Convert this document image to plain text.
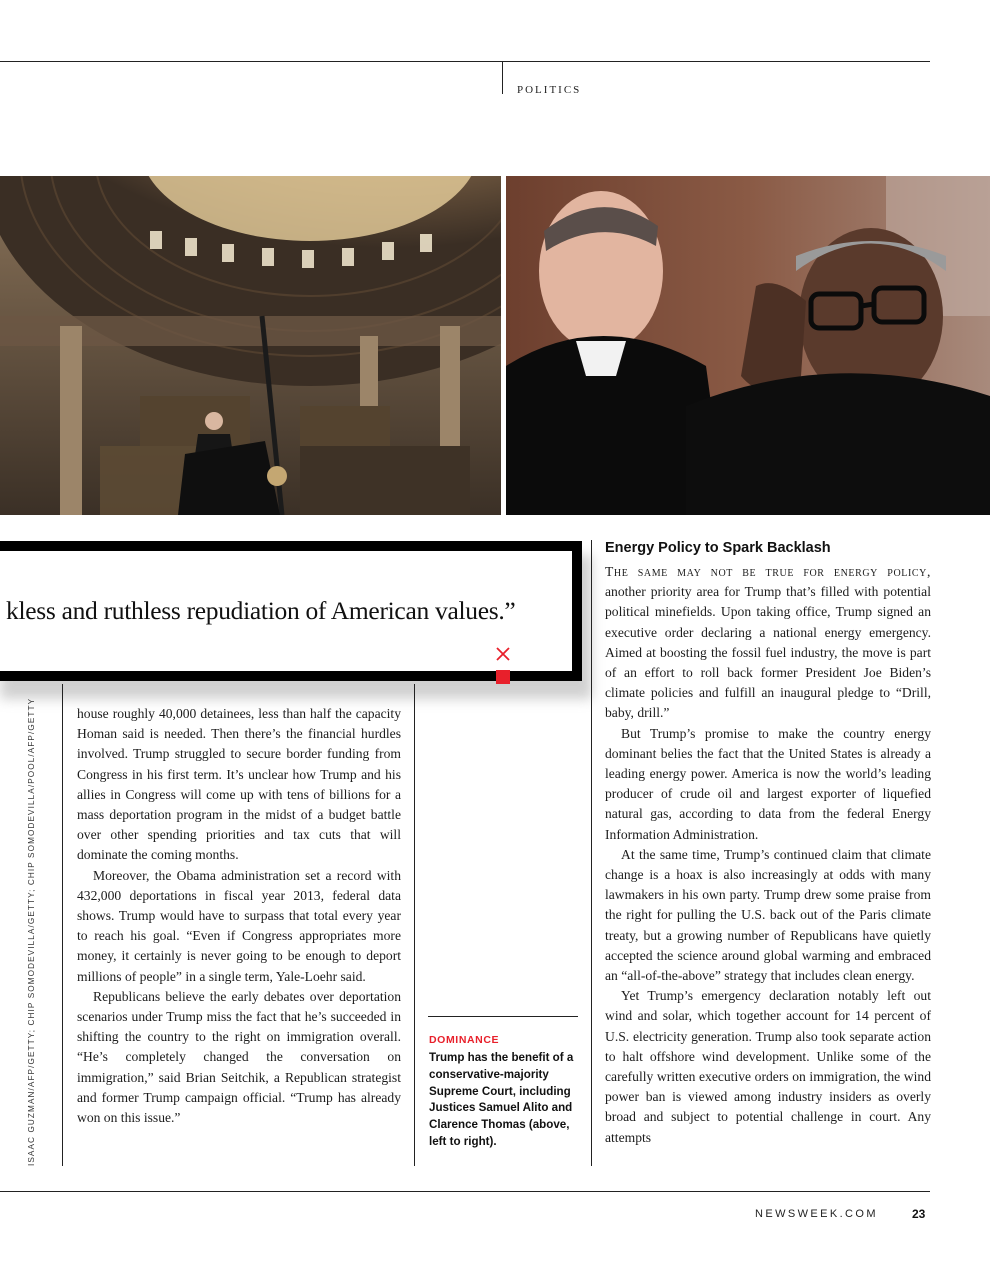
POLITICS
kless and ruthless repudiation of American values.”
ISAAC GUZMAN/AFP/GETTY; CHIP SOMODEVILLA/GETTY; CHIP SOMODEVILLA/POOL/AFP/GETTY	house roughly 40,000 detainees, less than half the capacity Homan said is needed. Then there’s the financial hurdles involved. Trump struggled to secure border funding from Congress in his first term. It’s unclear how Trump and his allies in Congress will come up with tens of billions for a mass deportation program in the midst of a budget battle over other spending priorities and tax cuts that will dominate the coming months.

Moreover, the Obama administration set a record with 432,000 deportations in fiscal year 2013, federal data shows. Trump would have to surpass that total every year to reach his goal. “Even if Congress appropriates more money, it certainly is never going to be enough to deport millions of people” in a single term, Yale-Loehr said.

Republicans believe the early debates over deportation scenarios under Trump miss the fact that he’s succeeded in shifting the country to the right on immigration overall. “He’s completely changed the conversation on immigration,” said Brian Seitchik, a Republican strategist and former Trump campaign official. “Trump has already won on this issue.”

DOMINANCE
Trump has the benefit of a conservative-majority Supreme Court, including Justices Samuel Alito and Clarence Thomas (above, left to right).
Energy Policy to Spark Backlash

The same may not be true for energy policy, another priority area for Trump that’s filled with potential political minefields. Upon taking office, Trump signed an executive order declaring a national energy emergency. Aimed at boosting the fossil fuel industry, the move is part of an effort to roll back former President Joe Biden’s climate policies and fulfill an inaugural pledge to “Drill, baby, drill.”

But Trump’s promise to make the country energy dominant belies the fact that the United States is already a leading energy power. America is now the world’s leading producer of crude oil and largest exporter of liquefied natural gas, according to data from the federal Energy Information Administration.

At the same time, Trump’s continued claim that climate change is a hoax is also increasingly at odds with many lawmakers in his own party. Trump drew some praise from the right for pulling the U.S. back out of the Paris climate treaty, but a growing number of Republicans have quietly accepted the science around global warming and embraced an “all-of-the-above” strategy that includes clean energy.

Yet Trump’s emergency declaration notably left out wind and solar, which together account for 14 percent of U.S. electricity generation. Trump also took separate action to halt offshore wind development. Unlike some of the carefully written executive orders on immigration, the wind power ban is viewed among industry insiders as overly broad and subject to potential challenge in court. Any attempts

NEWSWEEK.COM	23
